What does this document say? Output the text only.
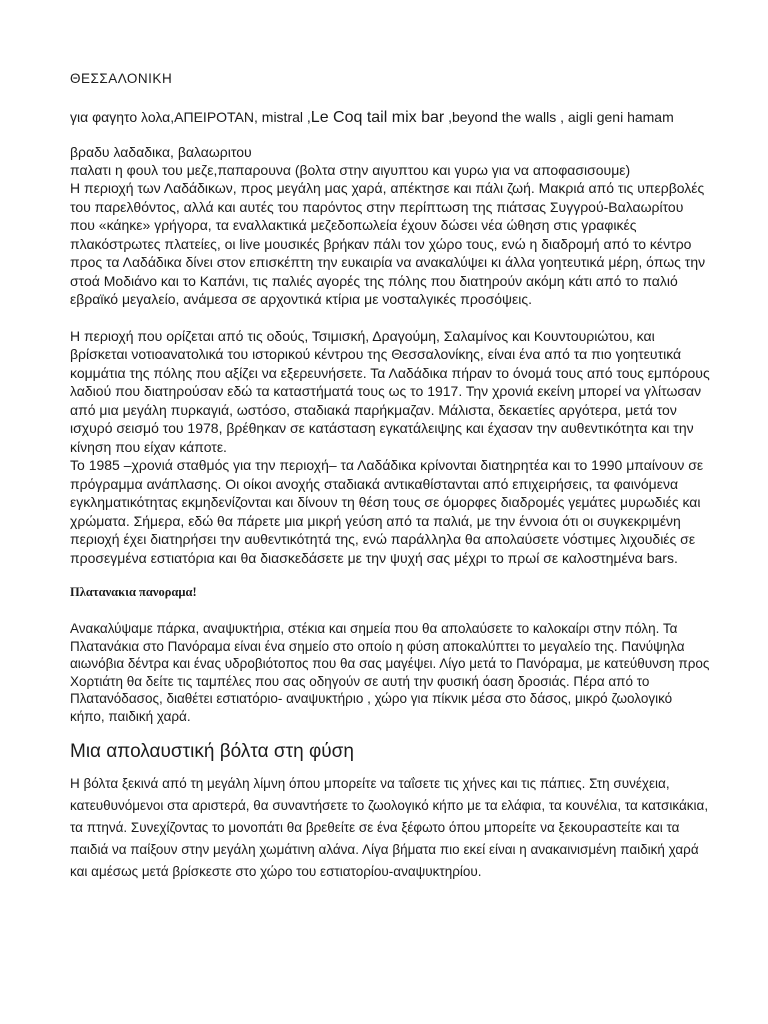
ΘΕΣΣΑΛΟΝΙΚΗ

για φαγητο λολα,ΑΠΕΙΡΟΤΑΝ, mistral ,Le Coq tail mix bar ,beyond the walls , aigli geni hamam

βραδυ λαδαδικα, βαλαωριτου
παλατι η φουλ του μεζε,παπαρουνα (βολτα στην αιγυπτου και γυρω για να αποφασισουμε)

Η περιοχή των Λαδάδικων, προς μεγάλη μας χαρά, απέκτησε και πάλι ζωή. Μακριά από τις υπερβολές του παρελθόντος, αλλά και αυτές του παρόντος στην περίπτωση της πιάτσας Συγγρού-Βαλαωρίτου που «κάηκε» γρήγορα, τα εναλλακτικά μεζεδοπωλεία έχουν δώσει νέα ώθηση στις γραφικές πλακόστρωτες πλατείες, οι live μουσικές βρήκαν πάλι τον χώρο τους, ενώ η διαδρομή από το κέντρο προς τα Λαδάδικα δίνει στον επισκέπτη την ευκαιρία να ανακαλύψει κι άλλα γοητευτικά μέρη, όπως την στοά Μοδιάνο και το Καπάνι, τις παλιές αγορές της πόλης που διατηρούν ακόμη κάτι από το παλιό εβραϊκό μεγαλείο, ανάμεσα σε αρχοντικά κτίρια με νοσταλγικές προσόψεις.

Η περιοχή που ορίζεται από τις οδούς, Τσιμισκή, Δραγούμη, Σαλαμίνος και Κουντουριώτου, και βρίσκεται νοτιοανατολικά του ιστορικού κέντρου της Θεσσαλονίκης, είναι ένα από τα πιο γοητευτικά κομμάτια της πόλης που αξίζει να εξερευνήσετε. Τα Λαδάδικα πήραν το όνομά τους από τους εμπόρους λαδιού που διατηρούσαν εδώ τα καταστήματά τους ως το 1917. Την χρονιά εκείνη μπορεί να γλίτωσαν από μια μεγάλη πυρκαγιά, ωστόσο, σταδιακά παρήκμαζαν. Μάλιστα, δεκαετίες αργότερα, μετά τον ισχυρό σεισμό του 1978, βρέθηκαν σε κατάσταση εγκατάλειψης και έχασαν την αυθεντικότητα και την κίνηση που είχαν κάποτε.

Το 1985 –χρονιά σταθμός για την περιοχή– τα Λαδάδικα κρίνονται διατηρητέα και το 1990 μπαίνουν σε πρόγραμμα ανάπλασης. Οι οίκοι ανοχής σταδιακά αντικαθίστανται από επιχειρήσεις, τα φαινόμενα εγκληματικότητας εκμηδενίζονται και δίνουν τη θέση τους σε όμορφες διαδρομές γεμάτες μυρωδιές και χρώματα. Σήμερα, εδώ θα πάρετε μια μικρή γεύση από τα παλιά, με την έννοια ότι οι συγκεκριμένη περιοχή έχει διατηρήσει την αυθεντικότητά της, ενώ παράλληλα θα απολαύσετε νόστιμες λιχουδιές σε προσεγμένα εστιατόρια και θα διασκεδάσετε με την ψυχή σας μέχρι το πρωί σε καλοστημένα bars.

Πλατανακια πανοραμα!

Ανακαλύψαμε πάρκα, αναψυκτήρια, στέκια και σημεία που θα απολαύσετε το καλοκαίρι στην πόλη. Τα Πλατανάκια στο Πανόραμα είναι ένα σημείο στο οποίο η φύση αποκαλύπτει το μεγαλείο της. Πανύψηλα αιωνόβια δέντρα και ένας υδροβιότοπος που θα σας μαγέψει. Λίγο μετά το Πανόραμα, με κατεύθυνση προς Χορτιάτη θα δείτε τις ταμπέλες που σας οδηγούν σε αυτή την φυσική όαση δροσιάς. Πέρα από το Πλατανόδασος, διαθέτει εστιατόριο- αναψυκτήριο , χώρο για πίκνικ μέσα στο δάσος, μικρό ζωολογικό κήπο, παιδική χαρά.

Μια απολαυστική βόλτα στη φύση

Η βόλτα ξεκινά από τη μεγάλη λίμνη όπου μπορείτε να ταΐσετε τις χήνες και τις πάπιες. Στη συνέχεια, κατευθυνόμενοι στα αριστερά, θα συναντήσετε το ζωολογικό κήπο με τα ελάφια, τα κουνέλια, τα κατσικάκια, τα πτηνά. Συνεχίζοντας το μονοπάτι θα βρεθείτε σε ένα ξέφωτο όπου μπορείτε να ξεκουραστείτε και τα παιδιά να παίξουν στην μεγάλη χωμάτινη αλάνα. Λίγα βήματα πιο εκεί είναι η ανακαινισμένη παιδική χαρά και αμέσως μετά βρίσκεστε στο χώρο του εστιατορίου-αναψυκτηρίου.
